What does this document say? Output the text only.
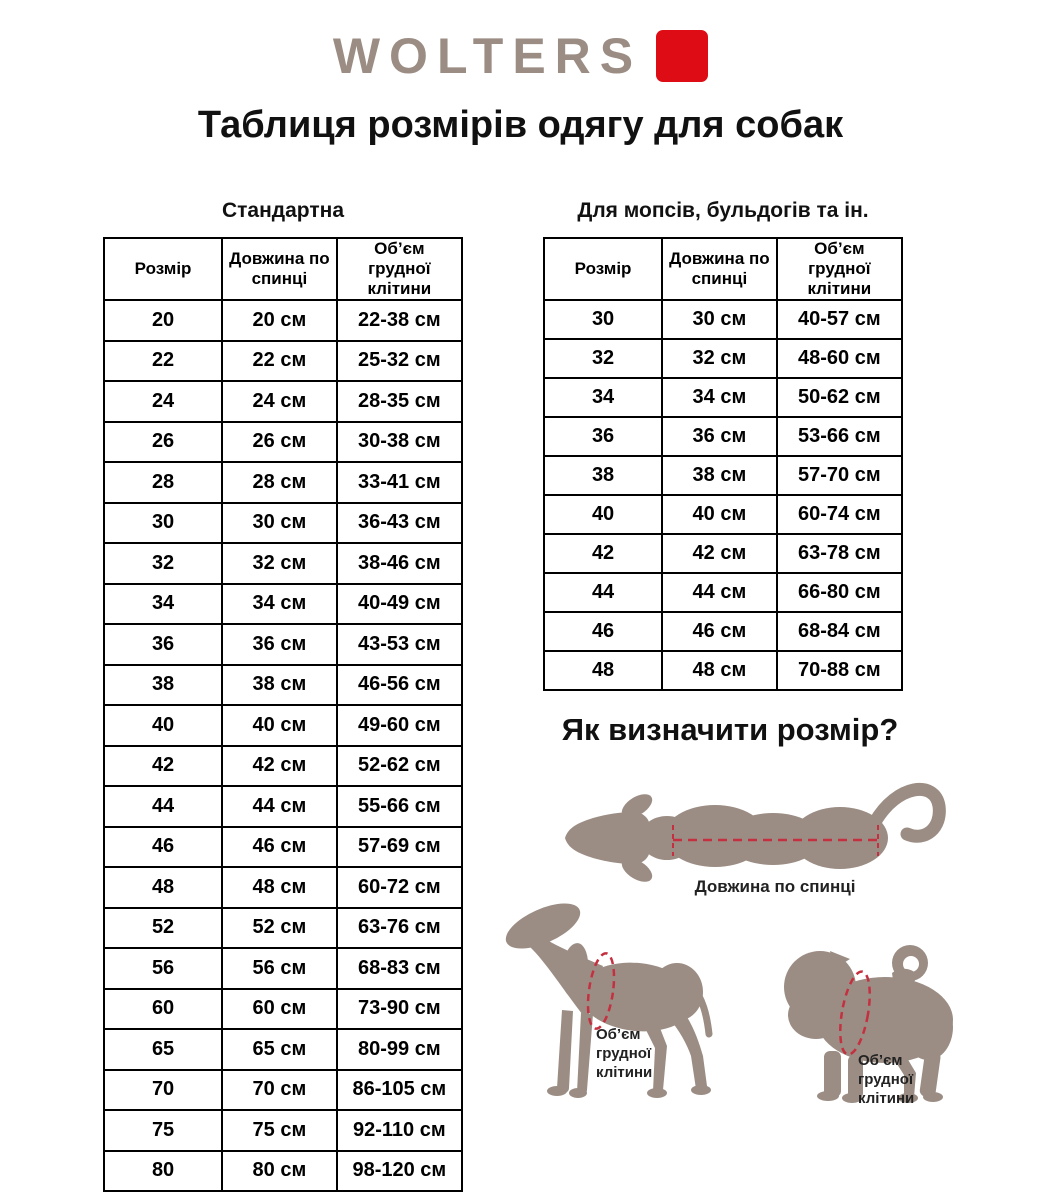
WOLTERS
Таблиця розмірів одягу для собак
Стандартна	Для мопсів, бульдогів та ін.
Розмір	Довжина по спинці	Об’єм грудної клітини
20	20 см	22-38 см
22	22 см	25-32 см
24	24 см	28-35 см
26	26 см	30-38 см
28	28 см	33-41 см
30	30 см	36-43 см
32	32 см	38-46 см
34	34 см	40-49 см
36	36 см	43-53 см
38	38 см	46-56 см
40	40 см	49-60 см
42	42 см	52-62 см
44	44 см	55-66 см
46	46 см	57-69 см
48	48 см	60-72 см
52	52 см	63-76 см
56	56 см	68-83 см
60	60 см	73-90 см
65	65 см	80-99 см
70	70 см	86-105 см
75	75 см	92-110 см
80	80 см	98-120 см
Розмір	Довжина по спинці	Об’єм грудної клітини
30	30 см	40-57 см
32	32 см	48-60 см
34	34 см	50-62 см
36	36 см	53-66 см
38	38 см	57-70 см
40	40 см	60-74 см
42	42 см	63-78 см
44	44 см	66-80 см
46	46 см	68-84 см
48	48 см	70-88 см
Як визначити розмір?
Довжина по спинці
Об’єм
грудної
клітини
Об’єм
грудної
клітини
